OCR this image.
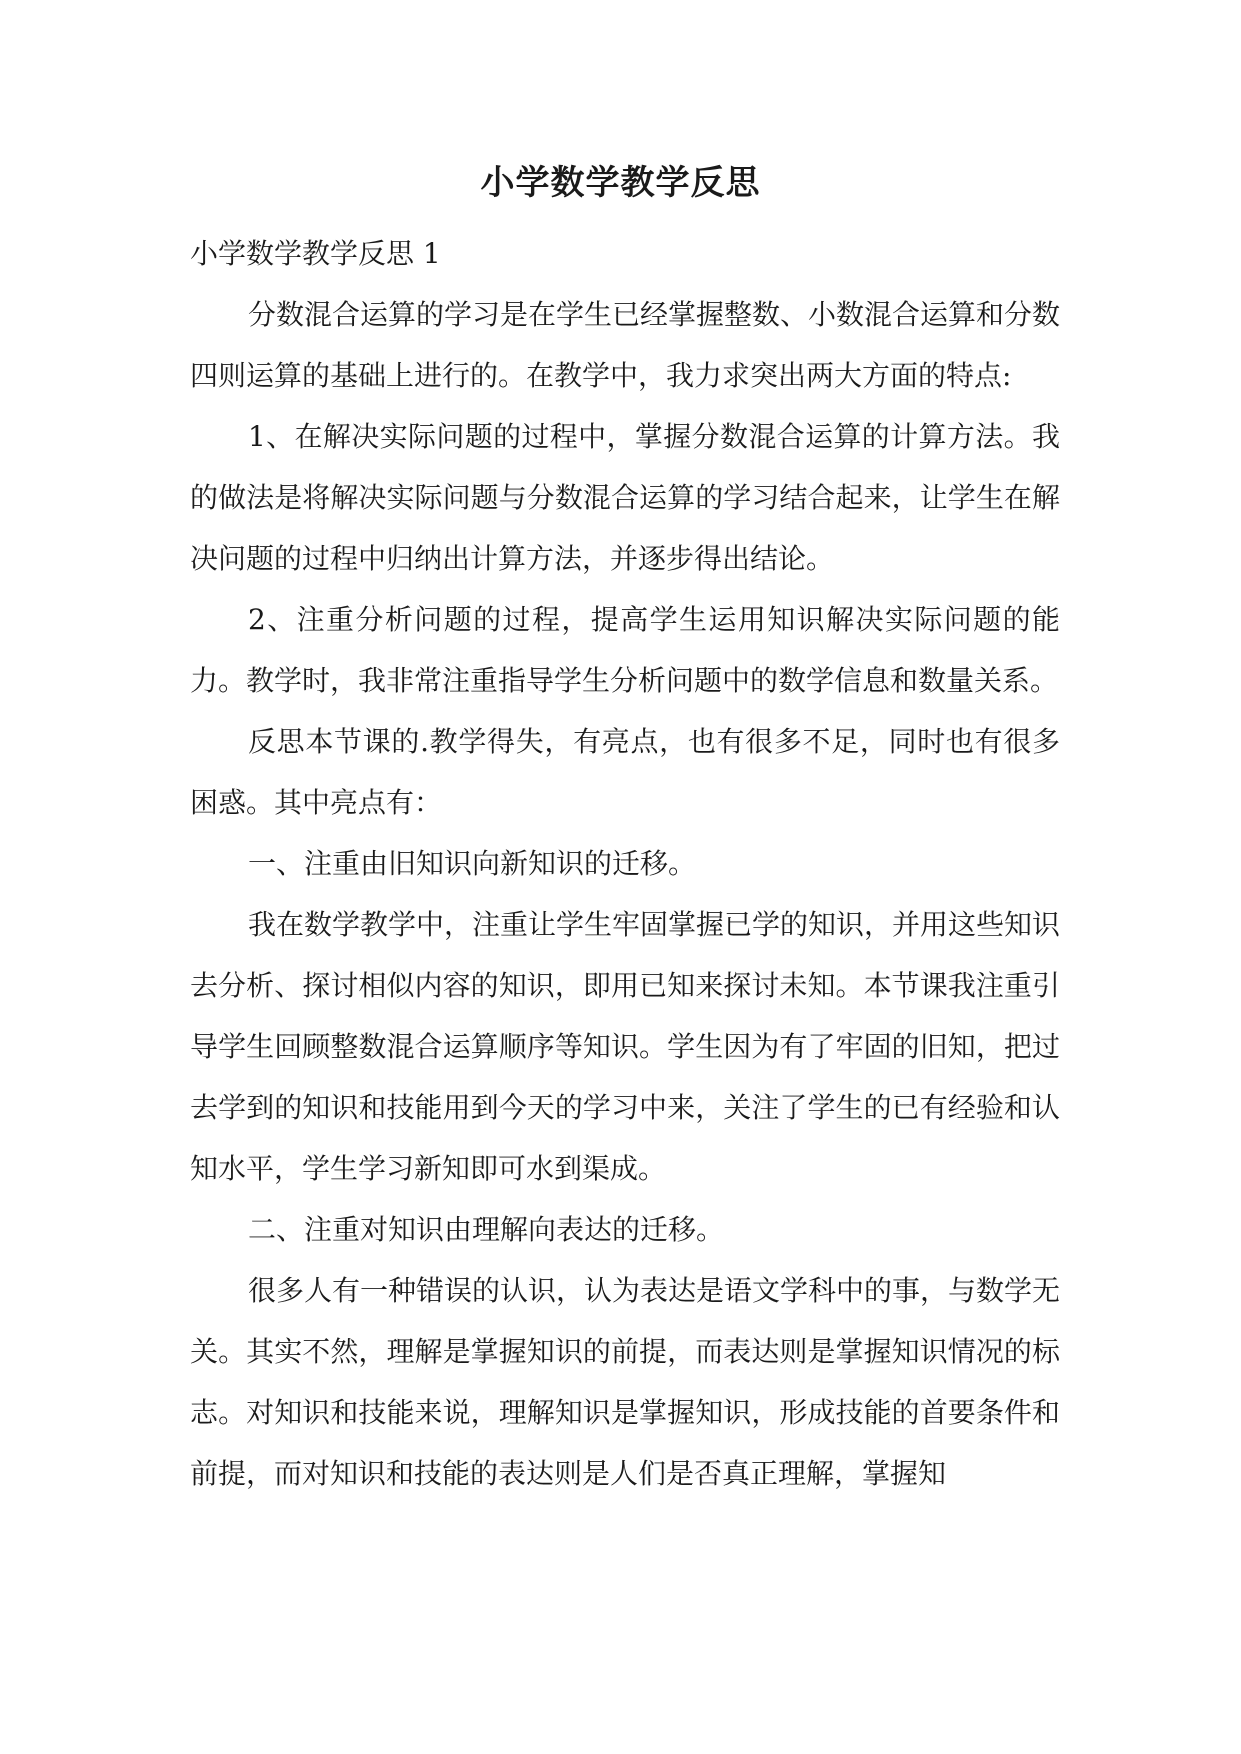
小学数学教学反思

小学数学教学反思 1

分数混合运算的学习是在学生已经掌握整数、小数混合运算和分数四则运算的基础上进行的。在教学中，我力求突出两大方面的特点:

1、在解决实际问题的过程中，掌握分数混合运算的计算方法。我的做法是将解决实际问题与分数混合运算的学习结合起来，让学生在解决问题的过程中归纳出计算方法，并逐步得出结论。

2、注重分析问题的过程，提高学生运用知识解决实际问题的能力。教学时，我非常注重指导学生分析问题中的数学信息和数量关系。

反思本节课的.教学得失，有亮点，也有很多不足，同时也有很多困惑。其中亮点有：

一、注重由旧知识向新知识的迁移。

我在数学教学中，注重让学生牢固掌握已学的知识，并用这些知识去分析、探讨相似内容的知识，即用已知来探讨未知。本节课我注重引导学生回顾整数混合运算顺序等知识。学生因为有了牢固的旧知，把过去学到的知识和技能用到今天的学习中来，关注了学生的已有经验和认知水平，学生学习新知即可水到渠成。

二、注重对知识由理解向表达的迁移。

很多人有一种错误的认识，认为表达是语文学科中的事，与数学无关。其实不然，理解是掌握知识的前提，而表达则是掌握知识情况的标志。对知识和技能来说，理解知识是掌握知识，形成技能的首要条件和前提，而对知识和技能的表达则是人们是否真正理解，掌握知
